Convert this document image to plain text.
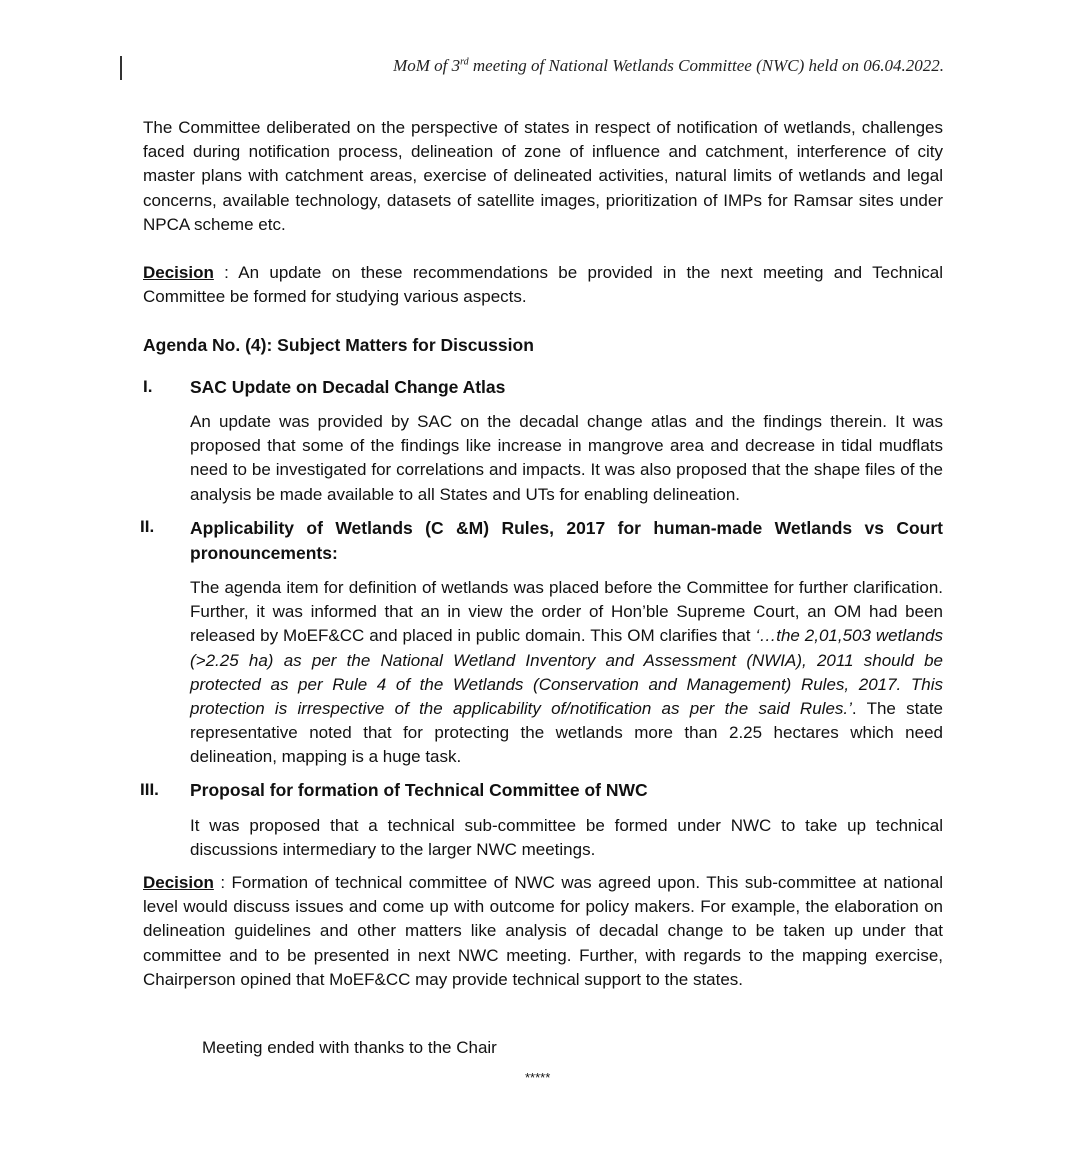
MoM of 3rd meeting of National Wetlands Committee (NWC) held on 06.04.2022.

The Committee deliberated on the perspective of states in respect of notification of wetlands, challenges faced during notification process, delineation of zone of influence and catchment, interference of city master plans with catchment areas, exercise of delineated activities, natural limits of wetlands and legal concerns, available technology, datasets of satellite images, prioritization of IMPs for Ramsar sites under NPCA scheme etc.

Decision : An update on these recommendations be provided in the next meeting and Technical Committee be formed for studying various aspects.

Agenda No. (4): Subject Matters for Discussion

I. SAC Update on Decadal Change Atlas

An update was provided by SAC on the decadal change atlas and the findings therein. It was proposed that some of the findings like increase in mangrove area and decrease in tidal mudflats need to be investigated for correlations and impacts. It was also proposed that the shape files of the analysis be made available to all States and UTs for enabling delineation.

II. Applicability of Wetlands (C &M) Rules, 2017 for human-made Wetlands vs Court pronouncements:

The agenda item for definition of wetlands was placed before the Committee for further clarification. Further, it was informed that an in view the order of Hon’ble Supreme Court, an OM had been released by MoEF&CC and placed in public domain. This OM clarifies that ‘…the 2,01,503 wetlands (>2.25 ha) as per the National Wetland Inventory and Assessment (NWIA), 2011 should be protected as per Rule 4 of the Wetlands (Conservation and Management) Rules, 2017. This protection is irrespective of the applicability of/notification as per the said Rules.’. The state representative noted that for protecting the wetlands more than 2.25 hectares which need delineation, mapping is a huge task.

III. Proposal for formation of Technical Committee of NWC

It was proposed that a technical sub-committee be formed under NWC to take up technical discussions intermediary to the larger NWC meetings.

Decision : Formation of technical committee of NWC was agreed upon. This sub-committee at national level would discuss issues and come up with outcome for policy makers. For example, the elaboration on delineation guidelines and other matters like analysis of decadal change to be taken up under that committee and to be presented in next NWC meeting. Further, with regards to the mapping exercise, Chairperson opined that MoEF&CC may provide technical support to the states.

Meeting ended with thanks to the Chair

*****
